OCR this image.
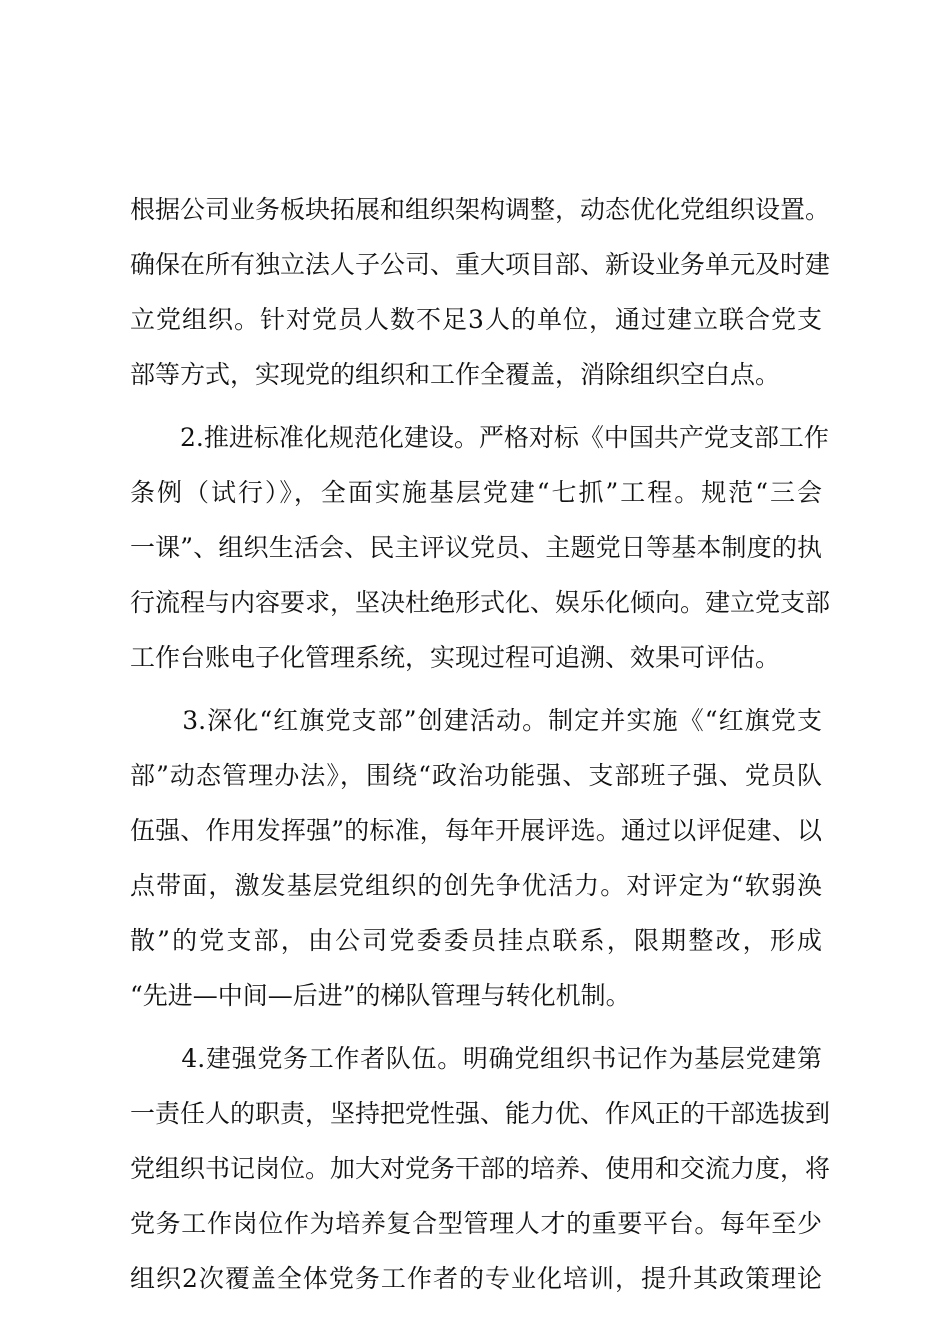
根据公司业务板块拓展和组织架构调整，动态优化党组织设置。
确保在所有独立法人子公司、重大项目部、新设业务单元及时建
立党组织。针对党员人数不足3人的单位，通过建立联合党支
部等方式，实现党的组织和工作全覆盖，消除组织空白点。
　　2.推进标准化规范化建设。严格对标《中国共产党支部工作
条例（试行）》，全面实施基层党建“七抓”工程。规范“三会
一课”、组织生活会、民主评议党员、主题党日等基本制度的执
行流程与内容要求，坚决杜绝形式化、娱乐化倾向。建立党支部
工作台账电子化管理系统，实现过程可追溯、效果可评估。
　　3.深化“红旗党支部”创建活动。制定并实施《“红旗党支
部”动态管理办法》，围绕“政治功能强、支部班子强、党员队
伍强、作用发挥强”的标准，每年开展评选。通过以评促建、以
点带面，激发基层党组织的创先争优活力。对评定为“软弱涣
散”的党支部，由公司党委委员挂点联系，限期整改，形成
“先进—中间—后进”的梯队管理与转化机制。
　　4.建强党务工作者队伍。明确党组织书记作为基层党建第
一责任人的职责，坚持把党性强、能力优、作风正的干部选拔到
党组织书记岗位。加大对党务干部的培养、使用和交流力度，将
党务工作岗位作为培养复合型管理人才的重要平台。每年至少
组织2次覆盖全体党务工作者的专业化培训，提升其政策理论
